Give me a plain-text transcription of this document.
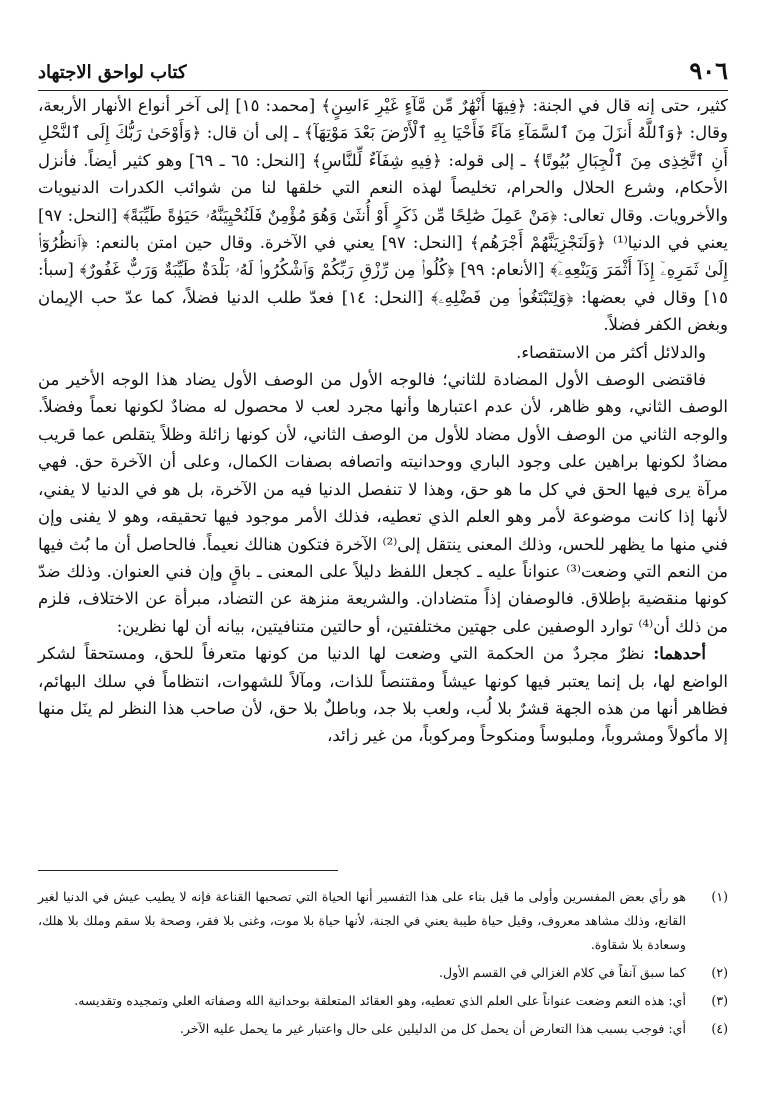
٩٠٦
كتاب لواحق الاجتهاد

كثير، حتى إنه قال في الجنة: ﴿فِيهَا أَنْهَٰرٌ مِّن مَّآءٍ غَيْرِ ءَاسِنٍ﴾ [محمد: ١٥] إلى آخر أنواع الأنهار الأربعة، وقال: ﴿وَٱللَّهُ أَنزَلَ مِنَ ٱلسَّمَآءِ مَآءً فَأَحْيَا بِهِ ٱلْأَرْضَ بَعْدَ مَوْتِهَآ﴾ ـ إلى أن قال: ﴿وَأَوْحَىٰ رَبُّكَ إِلَى ٱلنَّحْلِ أَنِ ٱتَّخِذِى مِنَ ٱلْجِبَالِ بُيُوتًا﴾ ـ إلى قوله: ﴿فِيهِ شِفَآءٌ لِّلنَّاسِ﴾ [النحل: ٦٥ ـ ٦٩] وهو كثير أيضاً. فأنزل الأحكام، وشرع الحلال والحرام، تخليصاً لهذه النعم التي خلقها لنا من شوائب الكدرات الدنيويات والأخرويات. وقال تعالى: ﴿مَنْ عَمِلَ صَٰلِحًا مِّن ذَكَرٍ أَوْ أُنثَىٰ وَهُوَ مُؤْمِنٌ فَلَنُحْيِيَنَّهُۥ حَيَوٰةً طَيِّبَةً﴾ [النحل: ٩٧] يعني في الدنيا⁽¹⁾ ﴿وَلَنَجْزِيَنَّهُمْ أَجْرَهُم﴾ [النحل: ٩٧] يعني في الآخرة. وقال حين امتن بالنعم: ﴿ٱنظُرُوٓا۟ إِلَىٰ ثَمَرِهِۦٓ إِذَآ أَثْمَرَ وَيَنْعِهِۦٓ﴾ [الأنعام: ٩٩] ﴿كُلُوا۟ مِن رِّزْقِ رَبِّكُمْ وَٱشْكُرُوا۟ لَهُۥ بَلْدَةٌ طَيِّبَةٌ وَرَبٌّ غَفُورٌ﴾ [سبأ: ١٥] وقال في بعضها: ﴿وَلِتَبْتَغُوا۟ مِن فَضْلِهِۦ﴾ [النحل: ١٤] فعدّ طلب الدنيا فضلاً، كما عدّ حب الإيمان وبغض الكفر فضلاً.

والدلائل أكثر من الاستقصاء.

فاقتضى الوصف الأول المضادة للثاني؛ فالوجه الأول من الوصف الأول يضاد هذا الوجه الأخير من الوصف الثاني، وهو ظاهر، لأن عدم اعتبارها وأنها مجرد لعب لا محصول له مضادٌ لكونها نعماً وفضلاً. والوجه الثاني من الوصف الأول مضاد للأول من الوصف الثاني، لأن كونها زائلة وظلاً يتقلص عما قريب مضادٌ لكونها براهين على وجود الباري ووحدانيته واتصافه بصفات الكمال، وعلى أن الآخرة حق. فهي مرآة يرى فيها الحق في كل ما هو حق، وهذا لا تنفصل الدنيا فيه من الآخرة، بل هو في الدنيا لا يفني، لأنها إذا كانت موضوعة لأمر وهو العلم الذي تعطيه، فذلك الأمر موجود فيها تحقيقه، وهو لا يفنى وإن فني منها ما يظهر للحس، وذلك المعنى ينتقل إلى⁽²⁾ الآخرة فتكون هنالك نعيماً. فالحاصل أن ما بُث فيها من النعم التي وضعت⁽³⁾ عنواناً عليه ـ كجعل اللفظ دليلاً على المعنى ـ باقٍ وإن فني العنوان. وذلك ضدّ كونها منقضية بإطلاق. فالوصفان إذاً متضادان. والشريعة منزهة عن التضاد، مبرأة عن الاختلاف، فلزم من ذلك أن⁽⁴⁾ توارد الوصفين على جهتين مختلفتين، أو حالتين متنافيتين، بيانه أن لها نظرين:

أحدهما: نظرٌ مجردٌ من الحكمة التي وضعت لها الدنيا من كونها متعرفاً للحق، ومستحقاً لشكر الواضع لها، بل إنما يعتبر فيها كونها عيشاً ومقتنصاً للذات، ومآلاً للشهوات، انتظاماً في سلك البهائم، فظاهر أنها من هذه الجهة قشرٌ بلا لُب، ولعب بلا جد، وباطلٌ بلا حق، لأن صاحب هذا النظر لم ينَل منها إلا مأكولاً ومشروباً، وملبوساً ومنكوحاً ومركوباً، من غير زائد،

(١)
هو رأي بعض المفسرين وأولى ما قيل بناء على هذا التفسير أنها الحياة التي تصحبها القناعة فإنه لا يطيب عيش في الدنيا لغير القانع، وذلك مشاهد معروف، وقيل حياة طيبة يعني في الجنة، لأنها حياة بلا موت، وغنى بلا فقر، وصحة بلا سقم وملك بلا هلك، وسعادة بلا شقاوة.
(٢)
كما سبق آنفاً في كلام الغزالي في القسم الأول.
(٣)
أي: هذه النعم وضعت عنواناً على العلم الذي تعطيه، وهو العقائد المتعلقة بوحدانية الله وصفاته العلي وتمجيده وتقديسه.
(٤)
أي: فوجب بسبب هذا التعارض أن يحمل كل من الدليلين على حال واعتبار غير ما يحمل عليه الآخر.
